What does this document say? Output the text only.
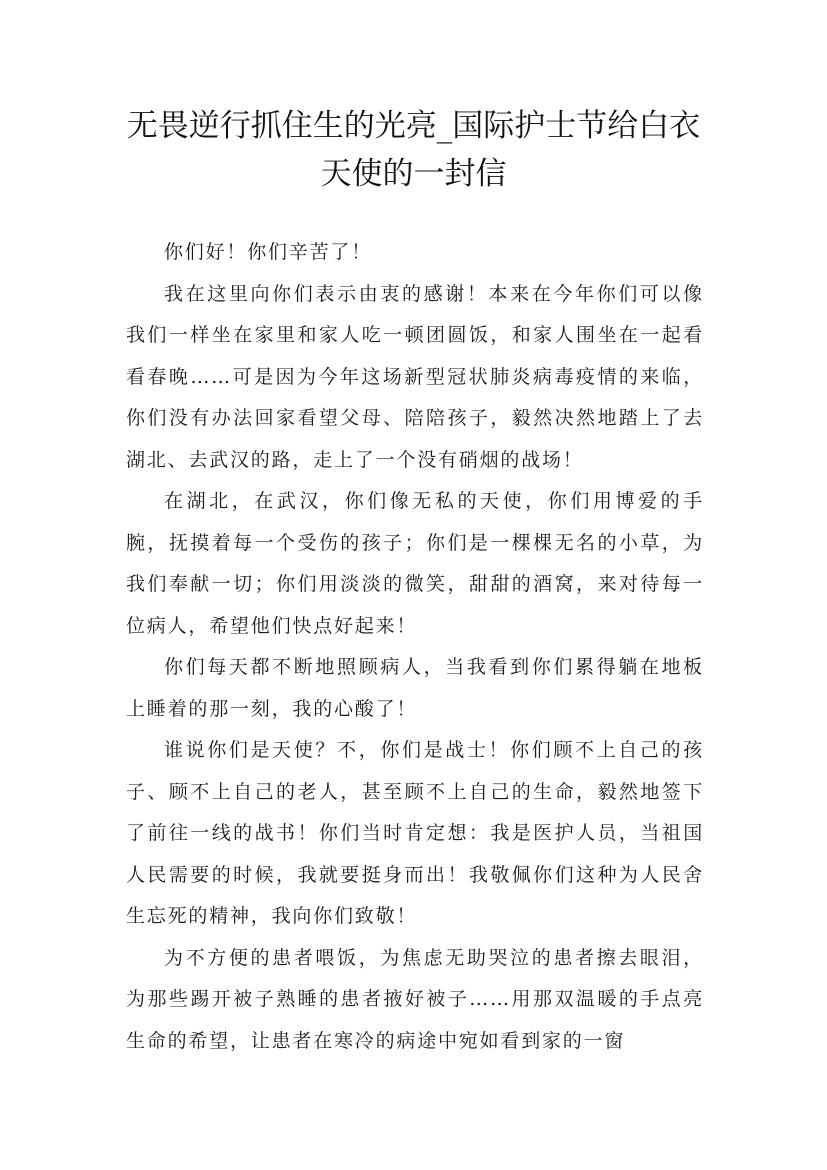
无畏逆行抓住生的光亮_国际护士节给白衣
天使的一封信

你们好！你们辛苦了！

我在这里向你们表示由衷的感谢！本来在今年你们可以像我们一样坐在家里和家人吃一顿团圆饭，和家人围坐在一起看看春晚……可是因为今年这场新型冠状肺炎病毒疫情的来临，你们没有办法回家看望父母、陪陪孩子，毅然决然地踏上了去湖北、去武汉的路，走上了一个没有硝烟的战场！

在湖北，在武汉，你们像无私的天使，你们用博爱的手腕，抚摸着每一个受伤的孩子；你们是一棵棵无名的小草，为我们奉献一切；你们用淡淡的微笑，甜甜的酒窝，来对待每一位病人，希望他们快点好起来！

你们每天都不断地照顾病人，当我看到你们累得躺在地板上睡着的那一刻，我的心酸了！

谁说你们是天使？不，你们是战士！你们顾不上自己的孩子、顾不上自己的老人，甚至顾不上自己的生命，毅然地签下了前往一线的战书！你们当时肯定想：我是医护人员，当祖国人民需要的时候，我就要挺身而出！我敬佩你们这种为人民舍生忘死的精神，我向你们致敬！

为不方便的患者喂饭，为焦虑无助哭泣的患者擦去眼泪，为那些踢开被子熟睡的患者掖好被子……用那双温暖的手点亮生命的希望，让患者在寒冷的病途中宛如看到家的一窗
